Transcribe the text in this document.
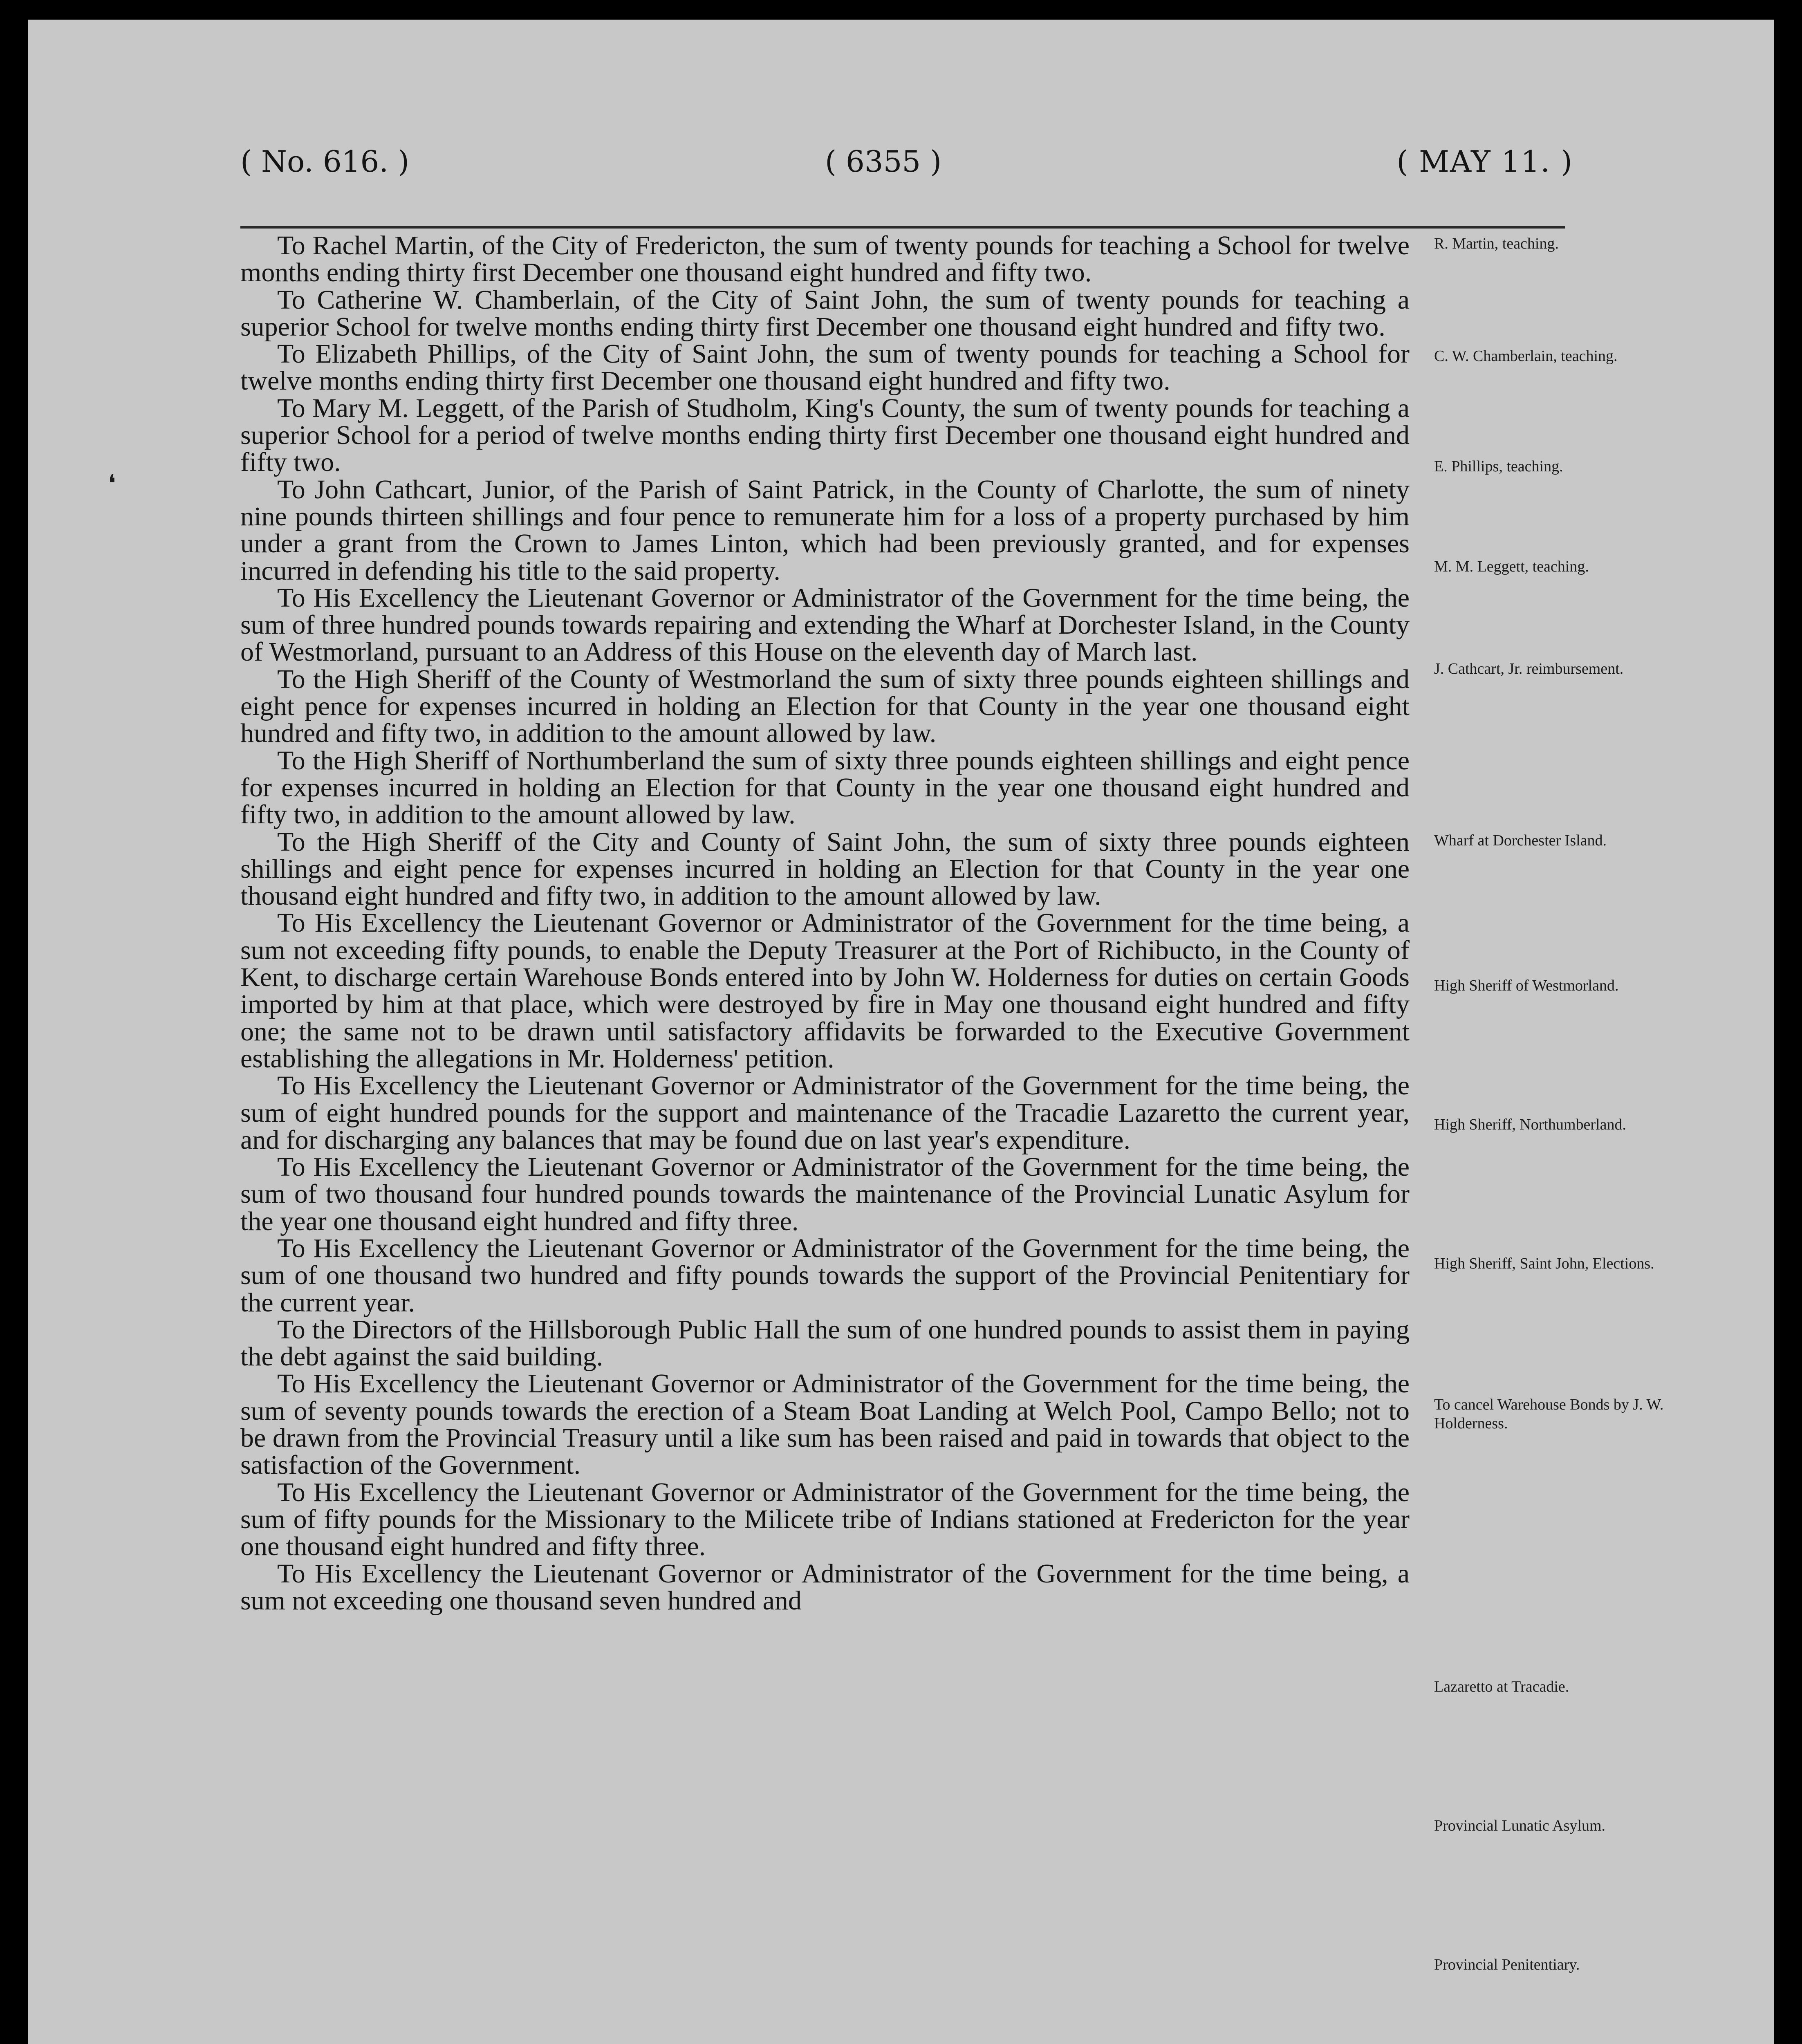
( No. 616. )	( 6355 )	( MAY 11. )
❛

To Rachel Martin, of the City of Fredericton, the sum of twenty pounds for teaching a School for twelve months ending thirty first December one thousand eight hundred and fifty two.

To Catherine W. Chamberlain, of the City of Saint John, the sum of twenty pounds for teaching a superior School for twelve months ending thirty first December one thousand eight hundred and fifty two.

To Elizabeth Phillips, of the City of Saint John, the sum of twenty pounds for teaching a School for twelve months ending thirty first December one thousand eight hundred and fifty two.

To Mary M. Leggett, of the Parish of Studholm, King's County, the sum of twenty pounds for teaching a superior School for a period of twelve months ending thirty first December one thousand eight hundred and fifty two.

To John Cathcart, Junior, of the Parish of Saint Patrick, in the County of Charlotte, the sum of ninety nine pounds thirteen shillings and four pence to remunerate him for a loss of a property purchased by him under a grant from the Crown to James Linton, which had been previously granted, and for expenses incurred in defending his title to the said property.

To His Excellency the Lieutenant Governor or Administrator of the Government for the time being, the sum of three hundred pounds towards repairing and extending the Wharf at Dorchester Island, in the County of Westmorland, pursuant to an Address of this House on the eleventh day of March last.

To the High Sheriff of the County of Westmorland the sum of sixty three pounds eighteen shillings and eight pence for expenses incurred in holding an Election for that County in the year one thousand eight hundred and fifty two, in addition to the amount allowed by law.

To the High Sheriff of Northumberland the sum of sixty three pounds eighteen shillings and eight pence for expenses incurred in holding an Election for that County in the year one thousand eight hundred and fifty two, in addition to the amount allowed by law.

To the High Sheriff of the City and County of Saint John, the sum of sixty three pounds eighteen shillings and eight pence for expenses incurred in holding an Election for that County in the year one thousand eight hundred and fifty two, in addition to the amount allowed by law.

To His Excellency the Lieutenant Governor or Administrator of the Government for the time being, a sum not exceeding fifty pounds, to enable the Deputy Treasurer at the Port of Richibucto, in the County of Kent, to discharge certain Warehouse Bonds entered into by John W. Holderness for duties on certain Goods imported by him at that place, which were destroyed by fire in May one thousand eight hundred and fifty one; the same not to be drawn until satisfactory affidavits be forwarded to the Executive Government establishing the allegations in Mr. Holderness' petition.

To His Excellency the Lieutenant Governor or Administrator of the Government for the time being, the sum of eight hundred pounds for the support and maintenance of the Tracadie Lazaretto the current year, and for discharging any balances that may be found due on last year's expenditure.

To His Excellency the Lieutenant Governor or Administrator of the Government for the time being, the sum of two thousand four hundred pounds towards the maintenance of the Provincial Lunatic Asylum for the year one thousand eight hundred and fifty three.

To His Excellency the Lieutenant Governor or Administrator of the Government for the time being, the sum of one thousand two hundred and fifty pounds towards the support of the Provincial Penitentiary for the current year.

To the Directors of the Hillsborough Public Hall the sum of one hundred pounds to assist them in paying the debt against the said building.

To His Excellency the Lieutenant Governor or Administrator of the Government for the time being, the sum of seventy pounds towards the erection of a Steam Boat Landing at Welch Pool, Campo Bello; not to be drawn from the Provincial Treasury until a like sum has been raised and paid in towards that object to the satisfaction of the Government.

To His Excellency the Lieutenant Governor or Administrator of the Government for the time being, the sum of fifty pounds for the Missionary to the Milicete tribe of Indians stationed at Fredericton for the year one thousand eight hundred and fifty three.

To His Excellency the Lieutenant Governor or Administrator of the Government for the time being, a sum not exceeding one thousand seven hundred and

R. Martin, teaching.
C. W. Chamberlain, teaching.
E. Phillips, teaching.
M. M. Leggett, teaching.
J. Cathcart, Jr. reimbursement.
Wharf at Dorchester Island.
High Sheriff of Westmorland.
High Sheriff, Northumberland.
High Sheriff, Saint John, Elections.
To cancel Warehouse Bonds by J. W. Holderness.
Lazaretto at Tracadie.
Provincial Lunatic Asylum.
Provincial Penitentiary.
